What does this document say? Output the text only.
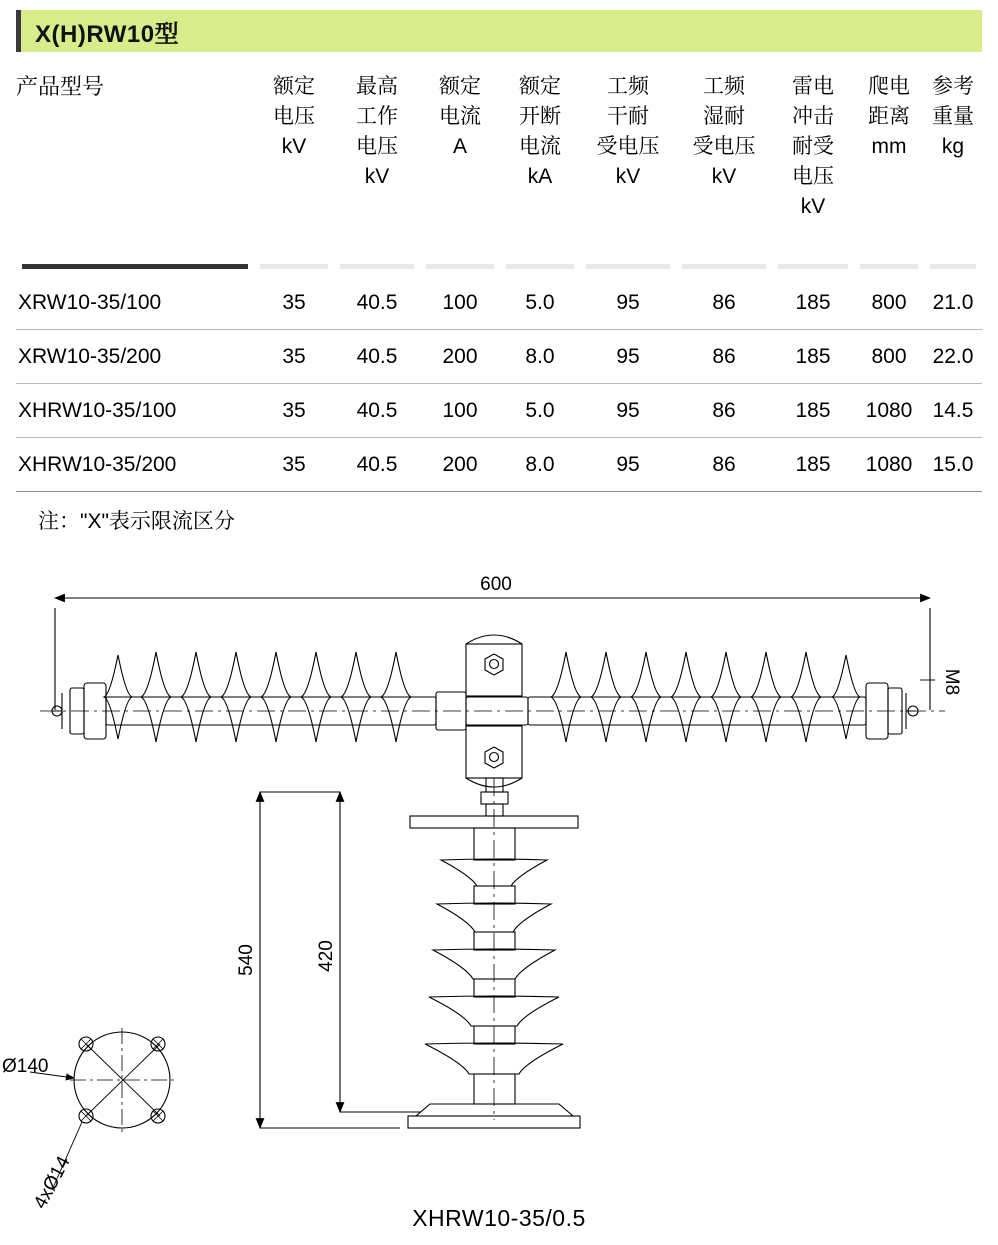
X(H)RW10型
产品型号	额定
电压
kV	最高
工作
电压
kV	额定
电流
A	额定
开断
电流
kA	工频
干耐
受电压
kV	工频
湿耐
受电压
kV	雷电
冲击
耐受
电压
kV	爬电
距离
mm	参考
重量
kg

XRW10-35/100	35	40.5	100	5.0	95	86	185	800	21.0
XRW10-35/200	35	40.5	200	8.0	95	86	185	800	22.0
XHRW10-35/100	35	40.5	100	5.0	95	86	185	1080	14.5
XHRW10-35/200	35	40.5	200	8.0	95	86	185	1080	15.0
注："X"表示限流区分
600
M8
540	420
Ø140
4xØ14
XHRW10-35/0.5
